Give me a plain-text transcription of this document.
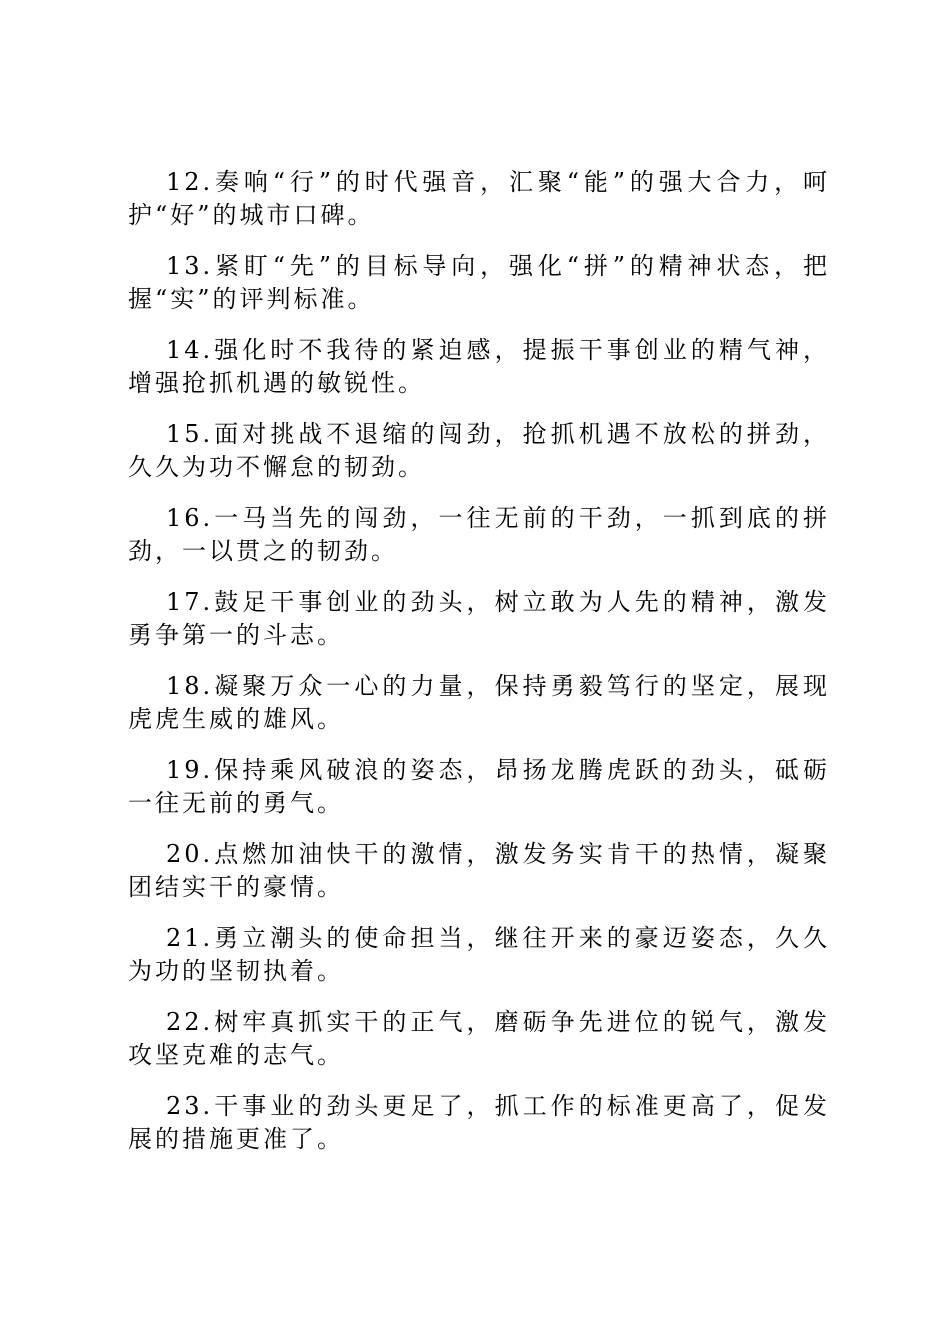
12.奏响“行”的时代强音，汇聚“能”的强大合力，呵护“好”的城市口碑。

13.紧盯“先”的目标导向，强化“拼”的精神状态，把握“实”的评判标准。

14.强化时不我待的紧迫感，提振干事创业的精气神，增强抢抓机遇的敏锐性。

15.面对挑战不退缩的闯劲，抢抓机遇不放松的拼劲，久久为功不懈怠的韧劲。

16.一马当先的闯劲，一往无前的干劲，一抓到底的拼劲，一以贯之的韧劲。

17.鼓足干事创业的劲头，树立敢为人先的精神，激发勇争第一的斗志。

18.凝聚万众一心的力量，保持勇毅笃行的坚定，展现虎虎生威的雄风。

19.保持乘风破浪的姿态，昂扬龙腾虎跃的劲头，砥砺一往无前的勇气。

20.点燃加油快干的激情，激发务实肯干的热情，凝聚团结实干的豪情。

21.勇立潮头的使命担当，继往开来的豪迈姿态，久久为功的坚韧执着。

22.树牢真抓实干的正气，磨砺争先进位的锐气，激发攻坚克难的志气。

23.干事业的劲头更足了，抓工作的标准更高了，促发展的措施更准了。
